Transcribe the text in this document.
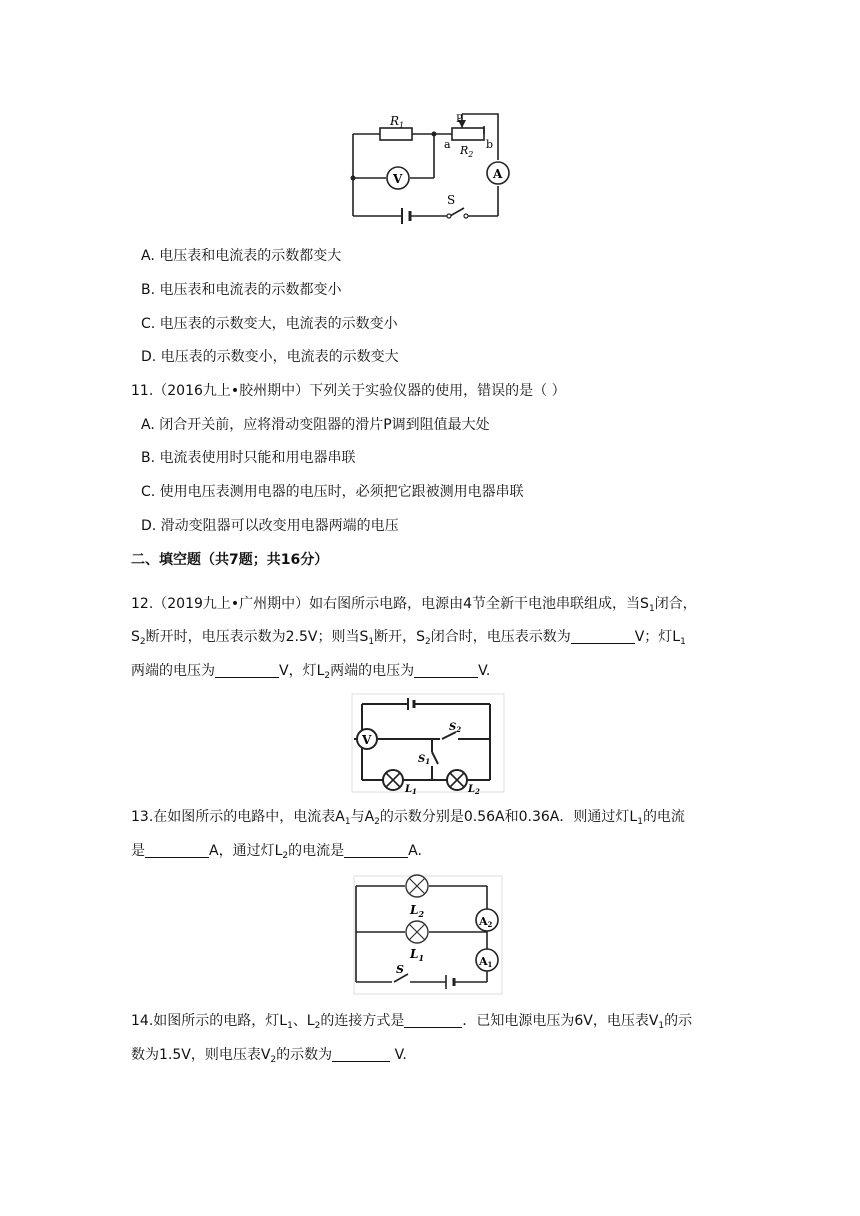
$R_1$
P
a $R_2$
b
V	A
S
A. 电压表和电流表的示数都变大
B. 电压表和电流表的示数都变小
C. 电压表的示数变大，电流表的示数变小
D. 电压表的示数变小，电流表的示数变大
11.（2016九上•胶州期中）下列关于实验仪器的使用，错误的是（ ）
A. 闭合开关前，应将滑动变阻器的滑片P调到阻值最大处
B. 电流表使用时只能和用电器串联
C. 使用电压表测用电器的电压时，必须把它跟被测用电器串联
D. 滑动变阻器可以改变用电器两端的电压
二、填空题（共7题；共16分）
12.（2019九上•广州期中）如右图所示电路，电源由4节全新干电池串联组成，当$S_1$闭合，
$S_2$断开时，电压表示数为2.5V；则当$S_1$断开，$S_2$闭合时，电压表示数为	V；灯$L_1$
两端的电压为	V，灯$L_2$两端的电压为	V.
V
$S_2$
$S_1$
$L_1$	$L_2$
13.在如图所示的电路中，电流表$A_1$与$A_2$的示数分别是0.56A和0.36A．则通过灯$L_1$的电流
是	A，通过灯$L_2$的电流是	A.
A2
A1
$L_2$
$L_1$
S
14.如图所示的电路，灯$L_1$、$L_2$的连接方式是	．已知电源电压为6V，电压表$V_1$的示
数为1.5V，则电压表$V_2$的示数为	V.
